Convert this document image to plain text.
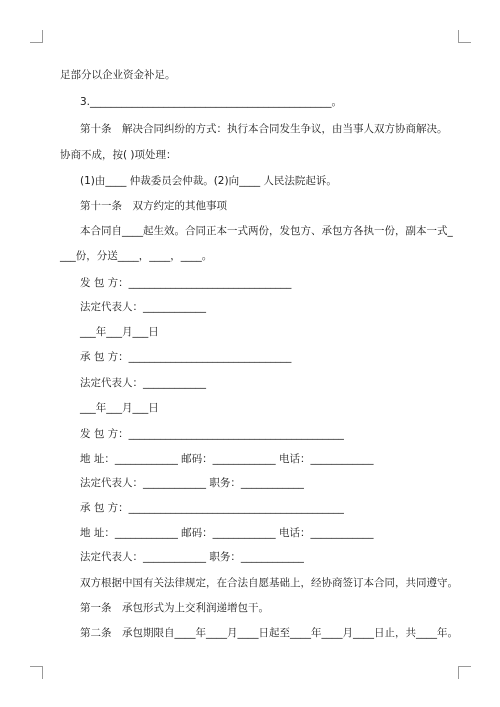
足部分以企业资金补足。
3.______________________________________________。
第十条　解决合同纠纷的方式：执行本合同发生争议，由当事人双方协商解决。
协商不成，按( )项处理：
(1)由____ 仲裁委员会仲裁。(2)向____ 人民法院起诉。
第十一条　双方约定的其他事项
本合同自____起生效。合同正本一式两份，发包方、承包方各执一份，副本一式_
___份，分送____，____，____。
发 包 方：_______________________________
法定代表人：____________
___年___月___日
承 包 方：_______________________________
法定代表人：____________
___年___月___日
发 包 方：_________________________________________
地 址：____________ 邮码：____________ 电话：____________
法定代表人：____________ 职务：____________
承 包 方：_________________________________________
地 址：____________ 邮码：____________ 电话：____________
法定代表人：____________ 职务：____________
双方根据中国有关法律规定，在合法自愿基础上，经协商签订本合同，共同遵守。
第一条　承包形式为上交利润递增包干。
第二条　承包期限自____年____月____日起至____年____月____日止，共____年。
